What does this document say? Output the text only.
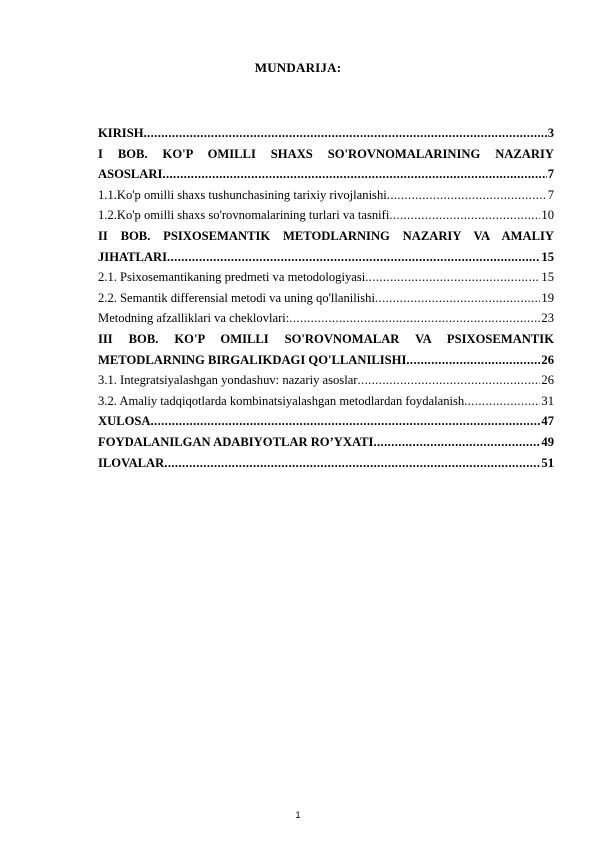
MUNDARIJA:
KIRISH .....	3
I BOB. KO'P OMILLI SHAXS SO'ROVNOMALARINING NAZARIY
ASOSLARI .....	7
1.1.Ko'p omilli shaxs tushunchasining tarixiy rivojlanishi .....	7
1.2.Ko'p omilli shaxs so'rovnomalarining turlari va tasnifi .....	10
II BOB. PSIXOSEMANTIK METODLARNING NAZARIY VA AMALIY
JIHATLARI .....	15
2.1. Psixosemantikaning predmeti va metodologiyasi .....	15
2.2. Semantik differensial metodi va uning qo'llanilishi .....	19
Metodning afzalliklari va cheklovlari: .....	23
III BOB. KO'P OMILLI SO'ROVNOMALAR VA PSIXOSEMANTIK
METODLARNING BIRGALIKDAGI QO'LLANILISHI .....	26
3.1. Integratsiyalashgan yondashuv: nazariy asoslar .....	26
3.2. Amaliy tadqiqotlarda kombinatsiyalashgan metodlardan foydalanish .....	31
XULOSA .....	47
FOYDALANILGAN ADABIYOTLAR RO’YXATI .....	49
ILOVALAR .....	51
1
